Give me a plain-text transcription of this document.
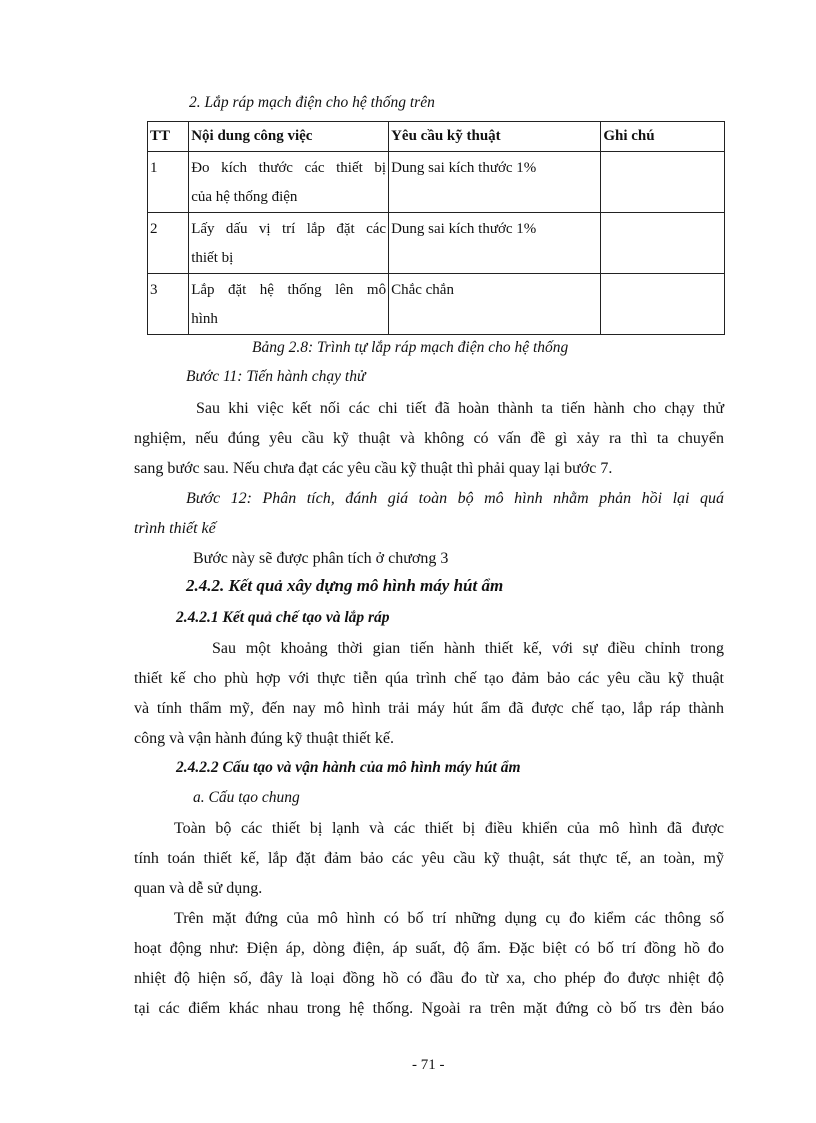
2. Lắp ráp mạch điện cho hệ thống trên
TT	Nội dung công việc	Yêu cầu kỹ thuật	Ghi chú
1	Đo kích thước các thiết bị
của hệ thống điện	Dung sai kích thước 1%	
2	Lấy dấu vị trí lắp đặt các
thiết bị	Dung sai kích thước 1%	
3	Lắp đặt hệ thống lên mô
hình	Chắc chắn	
Bảng 2.8: Trình tự lắp ráp mạch điện cho hệ thống
Bước 11: Tiến hành chạy thử
Sau khi việc kết nối các chi tiết đã hoàn thành ta tiến hành cho chạy thử
nghiệm, nếu đúng yêu cầu kỹ thuật và không có vấn đề gì xảy ra thì ta chuyển
sang bước sau. Nếu chưa đạt các yêu cầu kỹ thuật thì phải quay lại bước 7.
Bước 12: Phân tích, đánh giá toàn bộ mô hình nhằm phản hồi lại quá
trình thiết kế
Bước này sẽ được phân tích ở chương 3
2.4.2. Kết quả xây dựng mô hình máy hút ẩm
2.4.2.1 Kết quả chế tạo và lắp ráp
Sau một khoảng thời gian tiến hành thiết kế, với sự điều chỉnh trong
thiết kế cho phù hợp với thực tiễn qúa trình chế tạo đảm bảo các yêu cầu kỹ thuật
và tính thẩm mỹ, đến nay mô hình trải máy hút ẩm đã được chế tạo, lắp ráp thành
công và vận hành đúng kỹ thuật thiết kế.
2.4.2.2 Cấu tạo và vận hành của mô hình máy hút ẩm
a. Cấu tạo chung
Toàn bộ các thiết bị lạnh và các thiết bị điều khiển của mô hình đã được
tính toán thiết kế, lắp đặt đảm bảo các yêu cầu kỹ thuật, sát thực tế, an toàn, mỹ
quan và dễ sử dụng.
Trên mặt đứng của mô hình có bố trí những dụng cụ đo kiểm các thông số
hoạt động như: Điện áp, dòng điện, áp suất, độ ẩm. Đặc biệt có bố trí đồng hồ đo
nhiệt độ hiện số, đây là loại đồng hồ có đầu đo từ xa, cho phép đo được nhiệt độ
tại các điểm khác nhau trong hệ thống. Ngoài ra trên mặt đứng cò bố trs đèn báo
- 71 -
